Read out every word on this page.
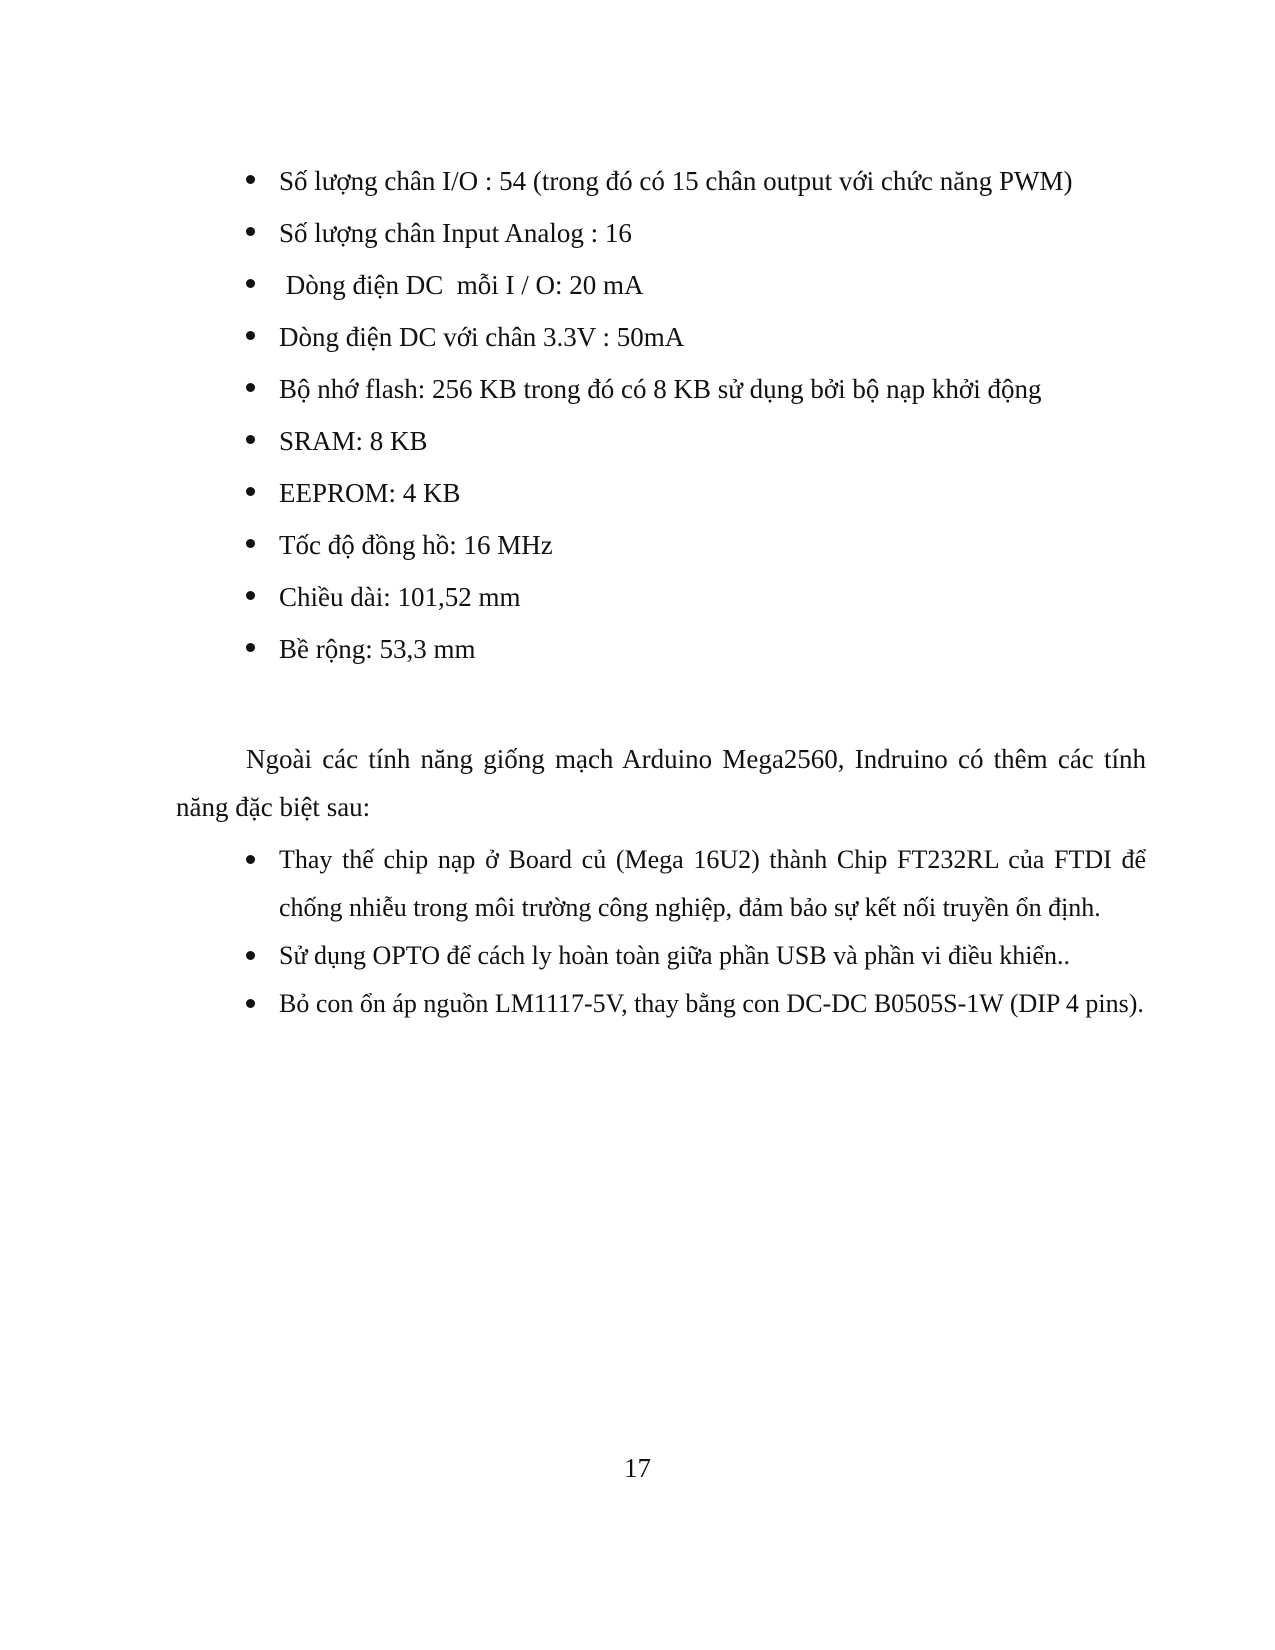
Số lượng chân I/O : 54 (trong đó có 15 chân output với chức năng PWM)
Số lượng chân Input Analog : 16
Dòng điện DC  mỗi I / O: 20 mA
Dòng điện DC với chân 3.3V : 50mA
Bộ nhớ flash: 256 KB trong đó có 8 KB sử dụng bởi bộ nạp khởi động
SRAM: 8 KB
EEPROM: 4 KB
Tốc độ đồng hồ: 16 MHz
Chiều dài: 101,52 mm
Bề rộng: 53,3 mm

Ngoài các tính năng giống mạch Arduino Mega2560, Indruino có thêm các tính năng đặc biệt sau:

Thay thế chip nạp ở Board củ (Mega 16U2) thành Chip FT232RL của FTDI để chống nhiễu trong môi trường công nghiệp, đảm bảo sự kết nối truyền ổn định.
Sử dụng OPTO để cách ly hoàn toàn giữa phần USB và phần vi điều khiển..
Bỏ con ổn áp nguồn LM1117-5V, thay bằng con DC-DC B0505S-1W (DIP 4 pins).
17
